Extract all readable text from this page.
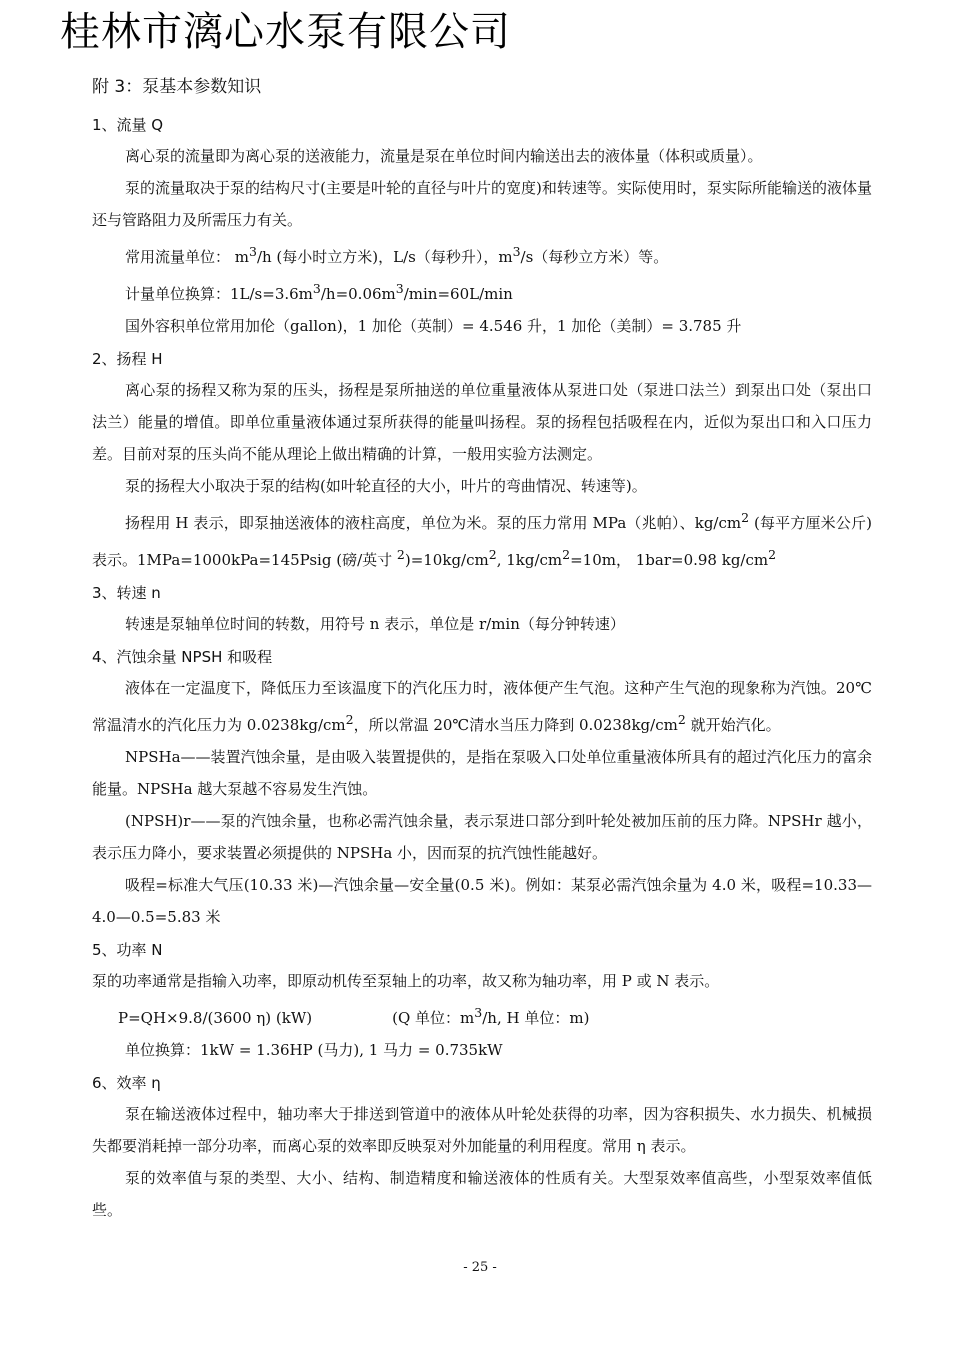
桂林市漓心水泵有限公司
附 3：泵基本参数知识
1、流量 Q

离心泵的流量即为离心泵的送液能力，流量是泵在单位时间内输送出去的液体量（体积或质量）。

泵的流量取决于泵的结构尺寸(主要是叶轮的直径与叶片的宽度)和转速等。实际使用时，泵实际所能输送的液体量还与管路阻力及所需压力有关。

常用流量单位： $m^3/h$ (每小时立方米)，L/s（每秒升），$m^3/s$（每秒立方米）等。

计量单位换算：$1L/s=3.6m^3/h=0.06m^3/\min=60L/\min$

国外容积单位常用加伦（gallon)，1 加伦（英制）= 4.546 升，1 加伦（美制）= 3.785 升

2、扬程 H

离心泵的扬程又称为泵的压头，扬程是泵所抽送的单位重量液体从泵进口处（泵进口法兰）到泵出口处（泵出口法兰）能量的增值。即单位重量液体通过泵所获得的能量叫扬程。泵的扬程包括吸程在内，近似为泵出口和入口压力差。目前对泵的压头尚不能从理论上做出精确的计算，一般用实验方法测定。

泵的扬程大小取决于泵的结构(如叶轮直径的大小，叶片的弯曲情况、转速等)。

扬程用 H 表示，即泵抽送液体的液柱高度，单位为米。泵的压力常用 MPa（兆帕）、$kg/cm^2$ (每平方厘米公斤)表示。1MPa=1000kPa=145Psig (磅/英寸 $^2)=10kg/cm^2$, $1kg/cm^2=10m$， 1bar=0.98 $kg/cm^2$

3、转速 n

转速是泵轴单位时间的转数，用符号 n 表示，单位是 r/min（每分钟转速）

4、汽蚀余量 NPSH 和吸程

液体在一定温度下，降低压力至该温度下的汽化压力时，液体便产生气泡。这种产生气泡的现象称为汽蚀。20℃常温清水的汽化压力为 $0.0238kg/cm^2$，所以常温 20℃清水当压力降到 $0.0238kg/cm^2$ 就开始汽化。

NPSHa——装置汽蚀余量，是由吸入装置提供的，是指在泵吸入口处单位重量液体所具有的超过汽化压力的富余能量。NPSHa 越大泵越不容易发生汽蚀。

(NPSH)r——泵的汽蚀余量，也称必需汽蚀余量，表示泵进口部分到叶轮处被加压前的压力降。NPSHr 越小，表示压力降小，要求装置必须提供的 NPSHa 小，因而泵的抗汽蚀性能越好。

吸程=标准大气压(10.33 米)—汽蚀余量—安全量(0.5 米)。例如：某泵必需汽蚀余量为 4.0 米，吸程=10.33—4.0—0.5=5.83 米

5、功率 N

泵的功率通常是指输入功率，即原动机传至泵轴上的功率，故又称为轴功率，用 P 或 N 表示。

P=QH×9.8/(3600 η) (kW)	(Q 单位：$m^3/h$, H 单位：m)

单位换算：1kW = 1.36HP (马力), 1 马力 = 0.735kW

6、效率 η

泵在输送液体过程中，轴功率大于排送到管道中的液体从叶轮处获得的功率，因为容积损失、水力损失、机械损失都要消耗掉一部分功率，而离心泵的效率即反映泵对外加能量的利用程度。常用 η 表示。

泵的效率值与泵的类型、大小、结构、制造精度和输送液体的性质有关。大型泵效率值高些，小型泵效率值低些。

- 25 -
